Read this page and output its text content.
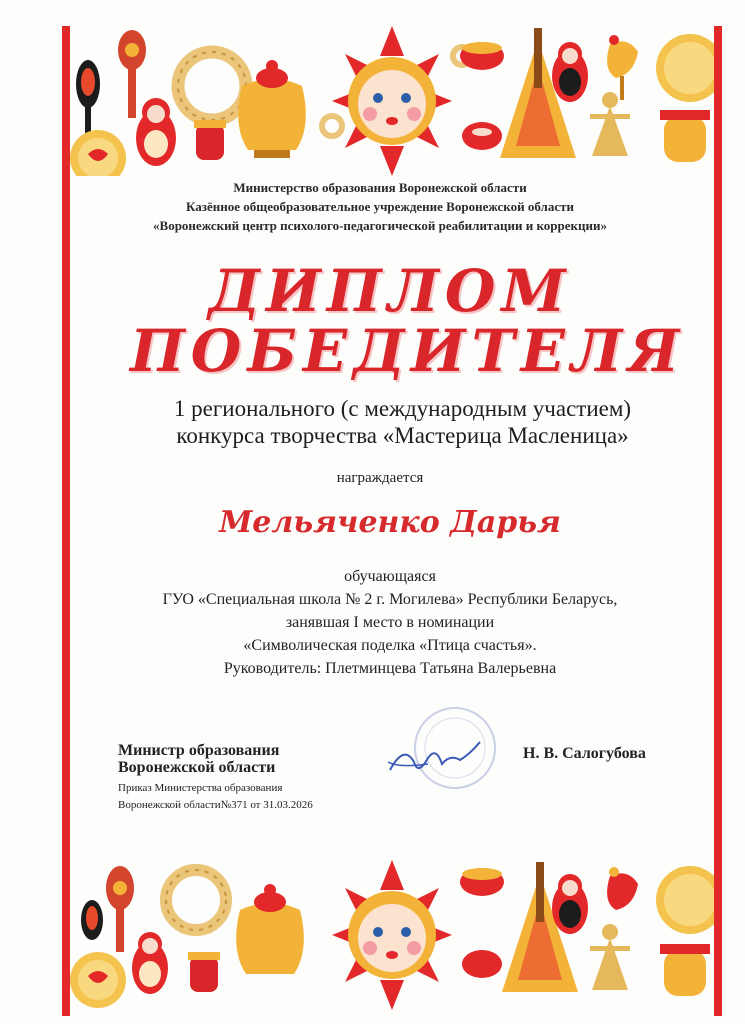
Министерство образования Воронежской области
Казённое общеобразовательное учреждение Воронежской области
«Воронежский центр психолого-педагогической реабилитации и коррекции»
ДИПЛОМ
ПОБЕДИТЕЛЯ
1 регионального (с международным участием)
конкурса творчества «Мастерица Масленица»
награждается
Мельяченко Дарья
обучающаяся
ГУО «Специальная школа № 2 г. Могилева» Республики Беларусь,
занявшая I место в номинации
«Символическая поделка «Птица счастья».
Руководитель: Плетминцева Татьяна Валерьевна
Министр образования
Воронежской области
Приказ Министерства образования
Воронежской области№371 от 31.03.2026
Н. В. Салогубова
